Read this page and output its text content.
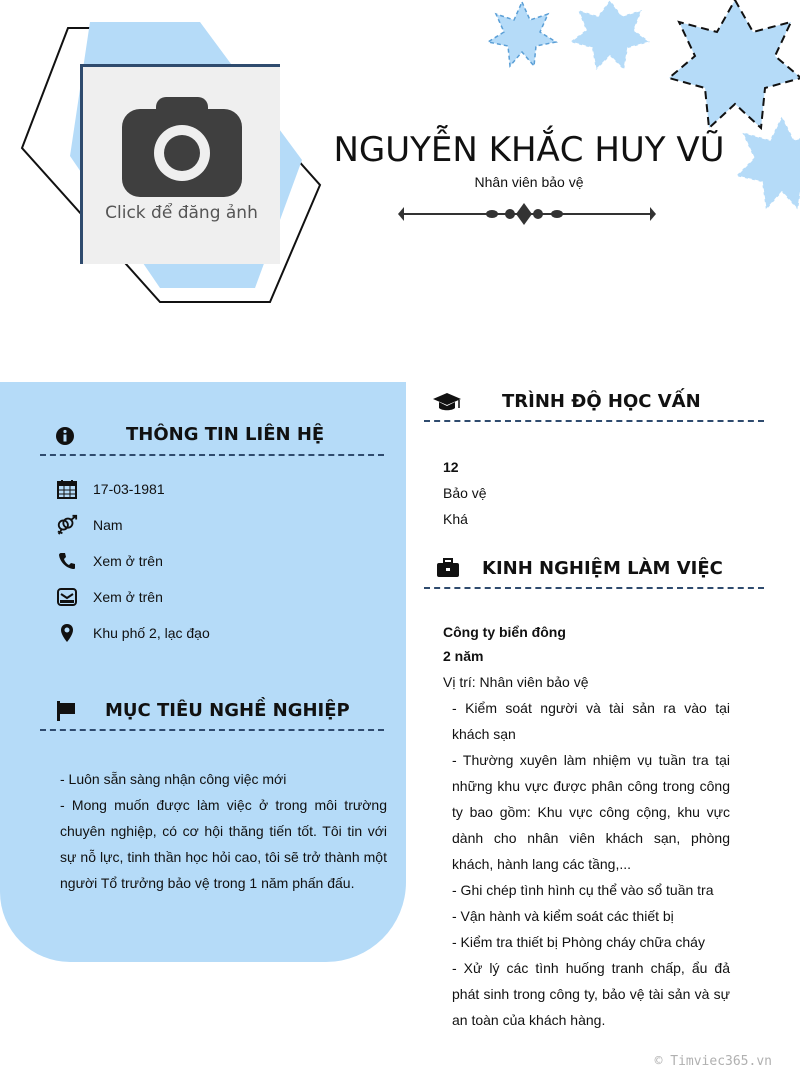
Click để đăng ảnh
NGUYỄN KHẮC HUY VŨ
Nhân viên bảo vệ
THÔNG TIN LIÊN HỆ
17-03-1981
Nam
Xem ở trên
Xem ở trên
Khu phố 2, lạc đạo
MỤC TIÊU NGHỀ NGHIỆP
- Luôn sẵn sàng nhận công việc mới
- Mong muốn được làm việc ở trong môi trường chuyên nghiệp, có cơ hội thăng tiến tốt. Tôi tin với sự nỗ lực, tinh thần học hỏi cao, tôi sẽ trở thành một người Tổ trưởng bảo vệ trong 1 năm phấn đấu.
TRÌNH ĐỘ HỌC VẤN
12
Bảo vệ
Khá
KINH NGHIỆM LÀM VIỆC
Công ty biển đông
2 năm
Vị trí: Nhân viên bảo vệ
- Kiểm soát người và tài sản ra vào tại khách sạn
- Thường xuyên làm nhiệm vụ tuần tra tại những khu vực được phân công trong công ty bao gồm: Khu vực công cộng, khu vực dành cho nhân viên khách sạn, phòng khách, hành lang các tầng,...
- Ghi chép tình hình cụ thể vào sổ tuần tra
- Vận hành và kiểm soát các thiết bị
- Kiểm tra thiết bị Phòng cháy chữa cháy
- Xử lý các tình huống tranh chấp, ẩu đả phát sinh trong công ty, bảo vệ tài sản và sự an toàn của khách hàng.
© Timviec365.vn
